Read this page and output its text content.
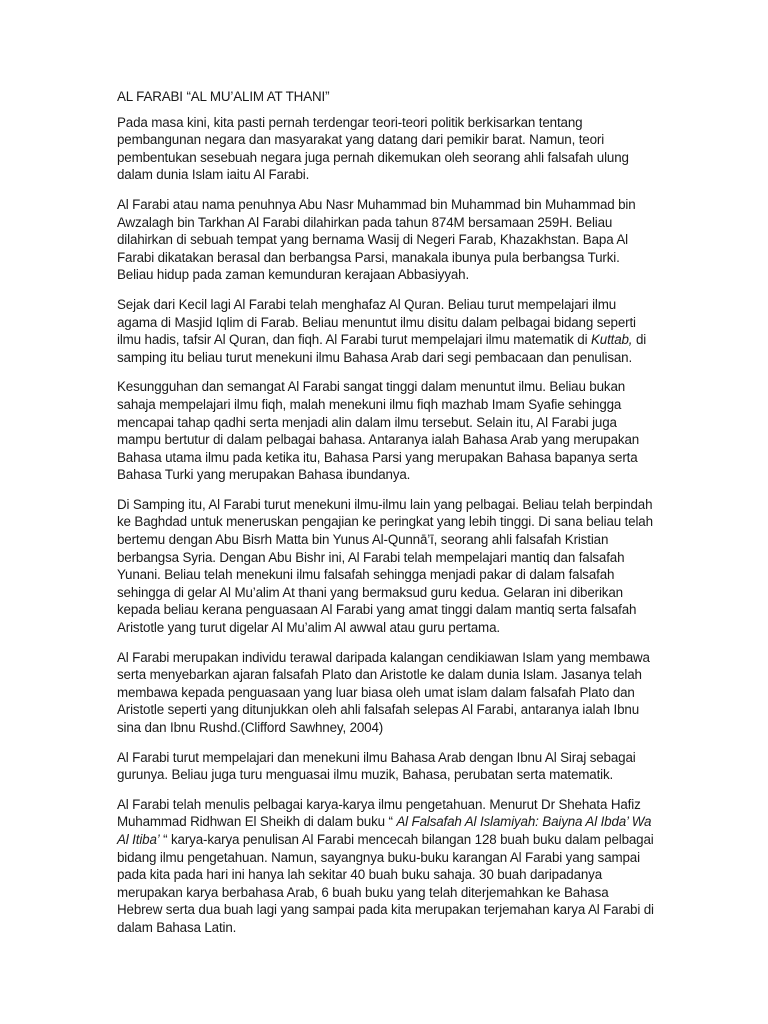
AL FARABI “AL MU’ALIM AT THANI”

Pada masa kini, kita pasti pernah terdengar teori-teori politik berkisarkan tentang pembangunan negara dan masyarakat yang datang dari pemikir barat. Namun, teori pembentukan sesebuah negara juga pernah dikemukan oleh seorang ahli falsafah ulung dalam dunia Islam iaitu Al Farabi.

Al Farabi atau nama penuhnya Abu Nasr Muhammad bin Muhammad bin Muhammad bin Awzalagh bin Tarkhan Al Farabi dilahirkan pada tahun 874M bersamaan 259H. Beliau dilahirkan di sebuah tempat yang bernama Wasij di Negeri Farab, Khazakhstan. Bapa Al Farabi dikatakan berasal dan berbangsa Parsi, manakala ibunya pula berbangsa Turki. Beliau hidup pada zaman kemunduran kerajaan Abbasiyyah.

Sejak dari Kecil lagi Al Farabi telah menghafaz Al Quran. Beliau turut mempelajari ilmu agama di Masjid Iqlim di Farab. Beliau menuntut ilmu disitu dalam pelbagai bidang seperti ilmu hadis, tafsir Al Quran, dan fiqh. Al Farabi turut mempelajari ilmu matematik di Kuttab, di samping itu beliau turut menekuni ilmu Bahasa Arab dari segi pembacaan dan penulisan.

Kesungguhan dan semangat Al Farabi sangat tinggi dalam menuntut ilmu. Beliau bukan sahaja mempelajari ilmu fiqh, malah menekuni ilmu fiqh mazhab Imam Syafie sehingga mencapai tahap qadhi serta menjadi alin dalam ilmu tersebut. Selain itu, Al Farabi juga mampu bertutur di dalam pelbagai bahasa. Antaranya ialah Bahasa Arab yang merupakan Bahasa utama ilmu pada ketika itu, Bahasa Parsi yang merupakan Bahasa bapanya serta Bahasa Turki yang merupakan Bahasa ibundanya.

Di Samping itu, Al Farabi turut menekuni ilmu-ilmu lain yang pelbagai. Beliau telah berpindah ke Baghdad untuk meneruskan pengajian ke peringkat yang lebih tinggi. Di sana beliau telah bertemu dengan Abu Bisrh Matta bin Yunus Al-Qunnā’ī, seorang ahli falsafah Kristian berbangsa Syria. Dengan Abu Bishr ini, Al Farabi telah mempelajari mantiq dan falsafah Yunani. Beliau telah menekuni ilmu falsafah sehingga menjadi pakar di dalam falsafah sehingga di gelar Al Mu’alim At thani yang bermaksud guru kedua. Gelaran ini diberikan kepada beliau kerana penguasaan Al Farabi yang amat tinggi dalam mantiq serta falsafah Aristotle yang turut digelar Al Mu’alim Al awwal atau guru pertama.

Al Farabi merupakan individu terawal daripada kalangan cendikiawan Islam yang membawa serta menyebarkan ajaran falsafah Plato dan Aristotle ke dalam dunia Islam. Jasanya telah membawa kepada penguasaan yang luar biasa oleh umat islam dalam falsafah Plato dan Aristotle seperti yang ditunjukkan oleh ahli falsafah selepas Al Farabi, antaranya ialah Ibnu sina dan Ibnu Rushd.(Clifford Sawhney, 2004)

Al Farabi turut mempelajari dan menekuni ilmu Bahasa Arab dengan Ibnu Al Siraj sebagai gurunya. Beliau juga turu menguasai ilmu muzik, Bahasa, perubatan serta matematik.

Al Farabi telah menulis pelbagai karya-karya ilmu pengetahuan. Menurut Dr Shehata Hafiz Muhammad Ridhwan El Sheikh di dalam buku “ Al Falsafah Al Islamiyah: Baiyna Al Ibda’ Wa Al Itiba’ “ karya-karya penulisan Al Farabi mencecah bilangan 128 buah buku dalam pelbagai bidang ilmu pengetahuan. Namun, sayangnya buku-buku karangan Al Farabi yang sampai pada kita pada hari ini hanya lah sekitar 40 buah buku sahaja. 30 buah daripadanya merupakan karya berbahasa Arab, 6 buah buku yang telah diterjemahkan ke Bahasa Hebrew serta dua buah lagi yang sampai pada kita merupakan terjemahan karya Al Farabi di dalam Bahasa Latin.
